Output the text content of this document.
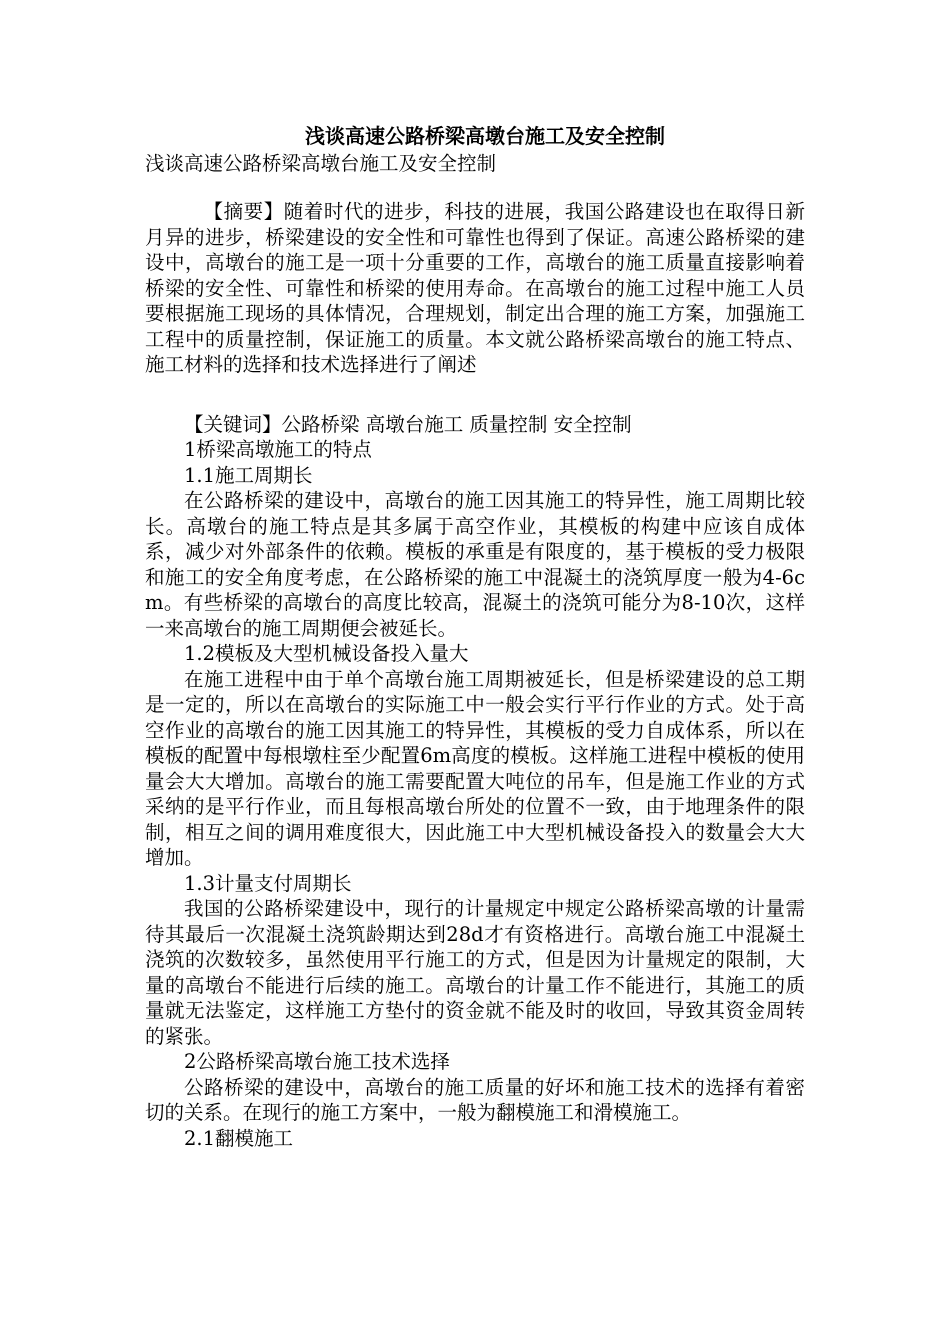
浅谈高速公路桥梁高墩台施工及安全控制

浅谈高速公路桥梁高墩台施工及安全控制

【摘要】随着时代的进步，科技的进展，我国公路建设也在取得日新月异的进步，桥梁建设的安全性和可靠性也得到了保证。高速公路桥梁的建设中，高墩台的施工是一项十分重要的工作，高墩台的施工质量直接影响着桥梁的安全性、可靠性和桥梁的使用寿命。在高墩台的施工过程中施工人员要根据施工现场的具体情况，合理规划，制定出合理的施工方案，加强施工工程中的质量控制，保证施工的质量。本文就公路桥梁高墩台的施工特点、施工材料的选择和技术选择进行了阐述

【关键词】公路桥梁 高墩台施工 质量控制 安全控制

1桥梁高墩施工的特点

1.1施工周期长

在公路桥梁的建设中，高墩台的施工因其施工的特异性，施工周期比较长。高墩台的施工特点是其多属于高空作业，其模板的构建中应该自成体系，减少对外部条件的依赖。模板的承重是有限度的，基于模板的受力极限和施工的安全角度考虑，在公路桥梁的施工中混凝土的浇筑厚度一般为4-6cm。有些桥梁的高墩台的高度比较高，混凝土的浇筑可能分为8-10次，这样一来高墩台的施工周期便会被延长。

1.2模板及大型机械设备投入量大

在施工进程中由于单个高墩台施工周期被延长，但是桥梁建设的总工期是一定的，所以在高墩台的实际施工中一般会实行平行作业的方式。处于高空作业的高墩台的施工因其施工的特异性，其模板的受力自成体系，所以在模板的配置中每根墩柱至少配置6m高度的模板。这样施工进程中模板的使用量会大大增加。高墩台的施工需要配置大吨位的吊车，但是施工作业的方式采纳的是平行作业，而且每根高墩台所处的位置不一致，由于地理条件的限制，相互之间的调用难度很大，因此施工中大型机械设备投入的数量会大大增加。

1.3计量支付周期长

我国的公路桥梁建设中，现行的计量规定中规定公路桥梁高墩的计量需待其最后一次混凝土浇筑龄期达到28d才有资格进行。高墩台施工中混凝土浇筑的次数较多，虽然使用平行施工的方式，但是因为计量规定的限制，大量的高墩台不能进行后续的施工。高墩台的计量工作不能进行，其施工的质量就无法鉴定，这样施工方垫付的资金就不能及时的收回，导致其资金周转的紧张。

2公路桥梁高墩台施工技术选择

公路桥梁的建设中，高墩台的施工质量的好坏和施工技术的选择有着密切的关系。在现行的施工方案中，一般为翻模施工和滑模施工。

2.1翻模施工
